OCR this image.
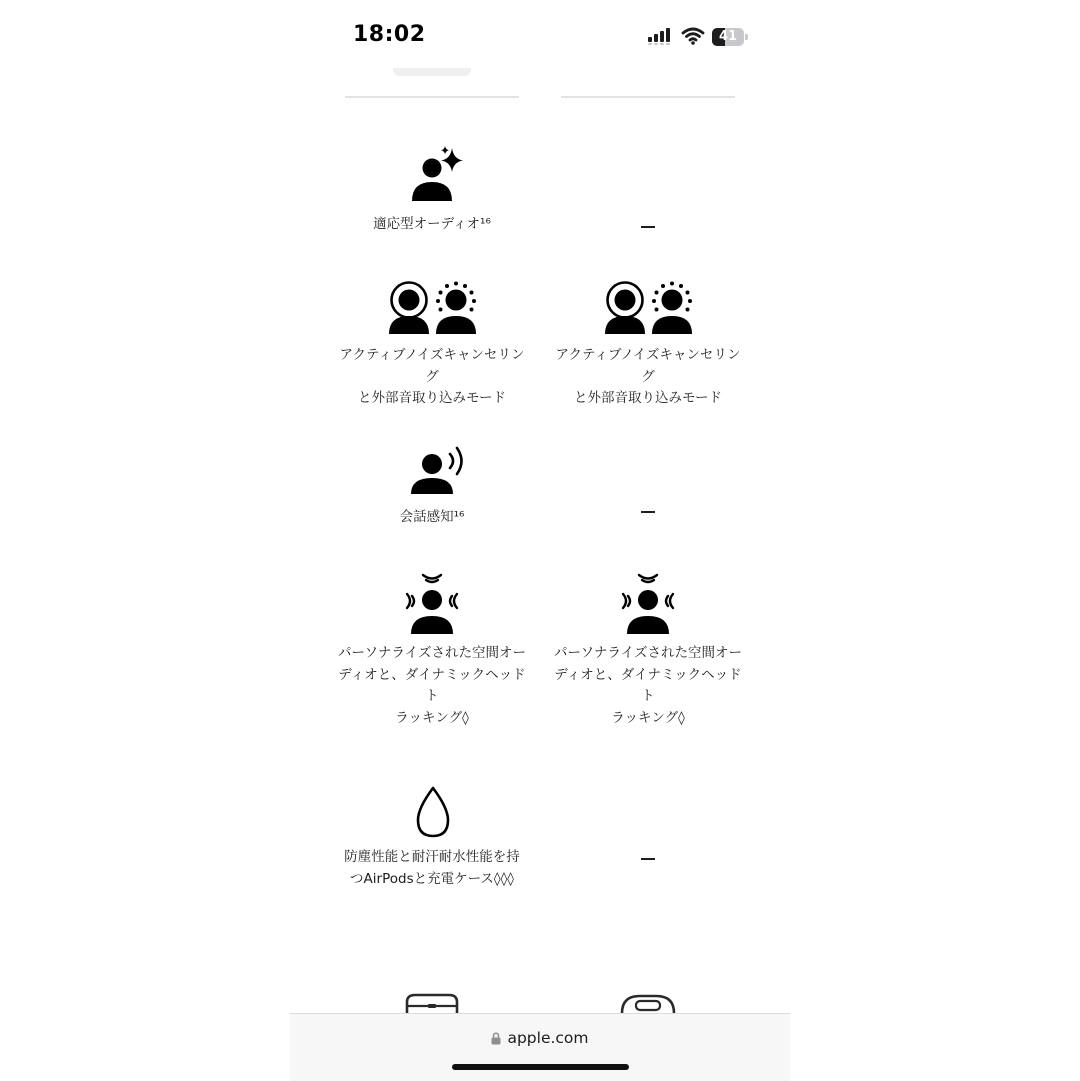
18:02	41
適応型オーディオ¹⁶
アクティブノイズキャンセリング
と外部音取り込みモード
アクティブノイズキャンセリング
と外部音取り込みモード
会話感知¹⁶
パーソナライズされた空間オー
ディオと、ダイナミックヘッドト
ラッキング◊
パーソナライズされた空間オー
ディオと、ダイナミックヘッドト
ラッキング◊
防塵性能と耐汗耐水性能を持
つAirPodsと充電ケース◊◊◊
apple.com
